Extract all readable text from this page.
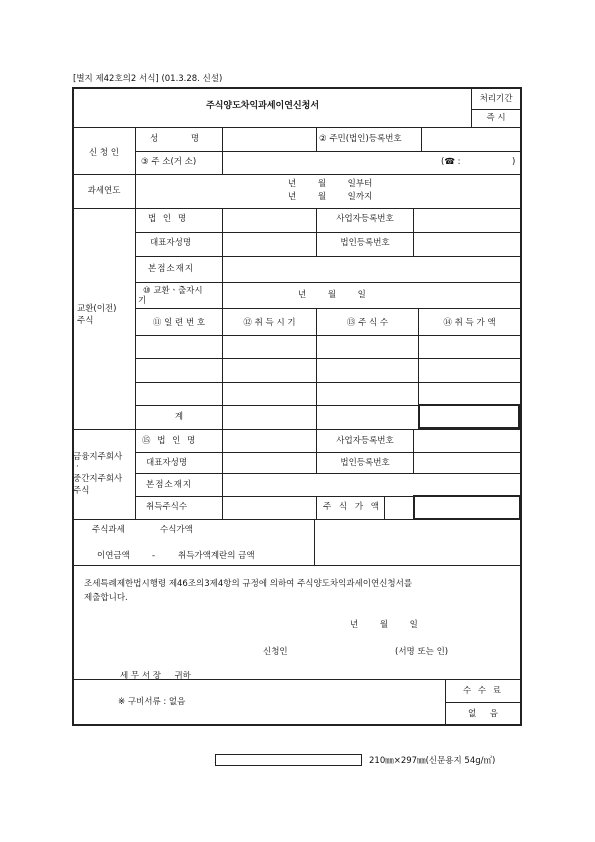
[별지 제42호의2 서식] (01.3.28. 신설)
주식양도차익과세이연신청서
처리기간
즉 시
신 청 인
성 명	② 주민(법인)등록번호
③ 주 소(거 소)	(☎ :	)
과세연도
년        월        일부터
년        월        일까지
교환(이전)
주식
법 인 명	사업자등록번호
대표자성명	법인등록번호
본점소재지
⑩ 교환ㆍ출자시
기
년        월        일
⑪ 일 련 번 호	⑫ 취 득 시 기	⑬ 주 식 수	⑭ 취 득 가 액
계
금융지주회사
·
중간지주회사
주식
⑮ 법 인 명	사업자등록번호
대표자성명	법인등록번호
본점소재지
취득주식수	주 식 가 액
주식과세	수식가액
이연금액	-	취득가액계란의 금액
조세특례제한법시행령 제46조의3제4항의 규정에 의하여 주식양도차익과세이연신청서를
제출합니다.
년        월        일
신청인	(서명 또는 인)
세 무 서 장     귀하
※ 구비서류 : 없음
수 수 료
없     음
.	210㎜×297㎜(신문용지 54g/㎡)
